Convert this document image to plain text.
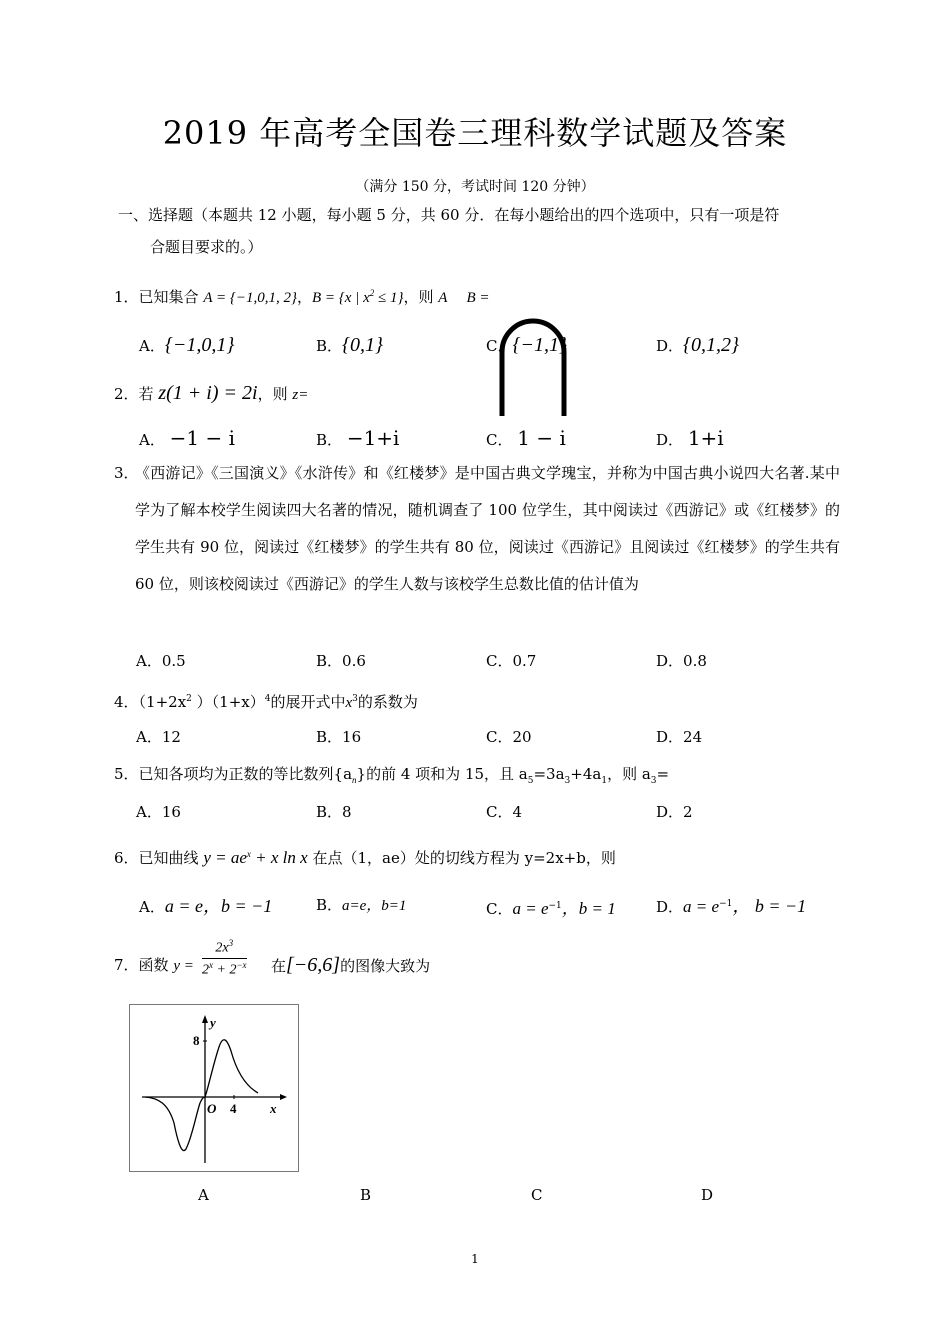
2019 年高考全国卷三理科数学试题及答案
（满分 150 分，考试时间 120 分钟）
一、选择题（本题共 12 小题，每小题 5 分，共 60 分．在每小题给出的四个选项中，只有一项是符
合题目要求的。）
1．已知集合 A = {−1,0,1, 2}，B = {x | $x^2 \le 1$}，则 A B =
A．{−1,0,1}	B．{0,1}	C．{−1,1}	D．{0,1,2}
2．若 z(1 + i) = 2i，则 z=
A． −1 − i	B． −1+i	C． 1 − i	D． 1+i
3．
《西游记》《三国演义》《水浒传》和《红楼梦》是中国古典文学瑰宝，并称为中国古典小说四大名著.某中学为了解本校学生阅读四大名著的情况，随机调查了 100 位学生，其中阅读过《西游记》或《红楼梦》的学生共有 90 位，阅读过《红楼梦》的学生共有 80 位，阅读过《西游记》且阅读过《红楼梦》的学生共有 60 位，则该校阅读过《西游记》的学生人数与该校学生总数比值的估计值为
A．0.5	B．0.6	C．0.7	D．0.8
4．（$1+2x^2$ ）$(1+x)^4$的展开式中$x^3$的系数为
A．12	B．16	C．20	D．24
5．已知各项均为正数的等比数列$\{a_n\}$的前 4 项和为 15，且 $a_5=3a_3+4a_1$，则 $a_3=$
A．16	B．8	C．4	D．2
6．已知曲线 $y = ae^x + x$ ln x 在点（1，ae）处的切线方程为 y=2x+b，则
A．a = e，b = −1	B．a=e，b=1	C．$a = e^{-1}$，b = 1	D．$a = e^{-1}$， b = −1
7．函数 $y = \frac{2x^3}{2^x + 2^{-x}}$ 在[−6,6]的图像大致为
y
8
O 4	x
A	B	C	D
1
